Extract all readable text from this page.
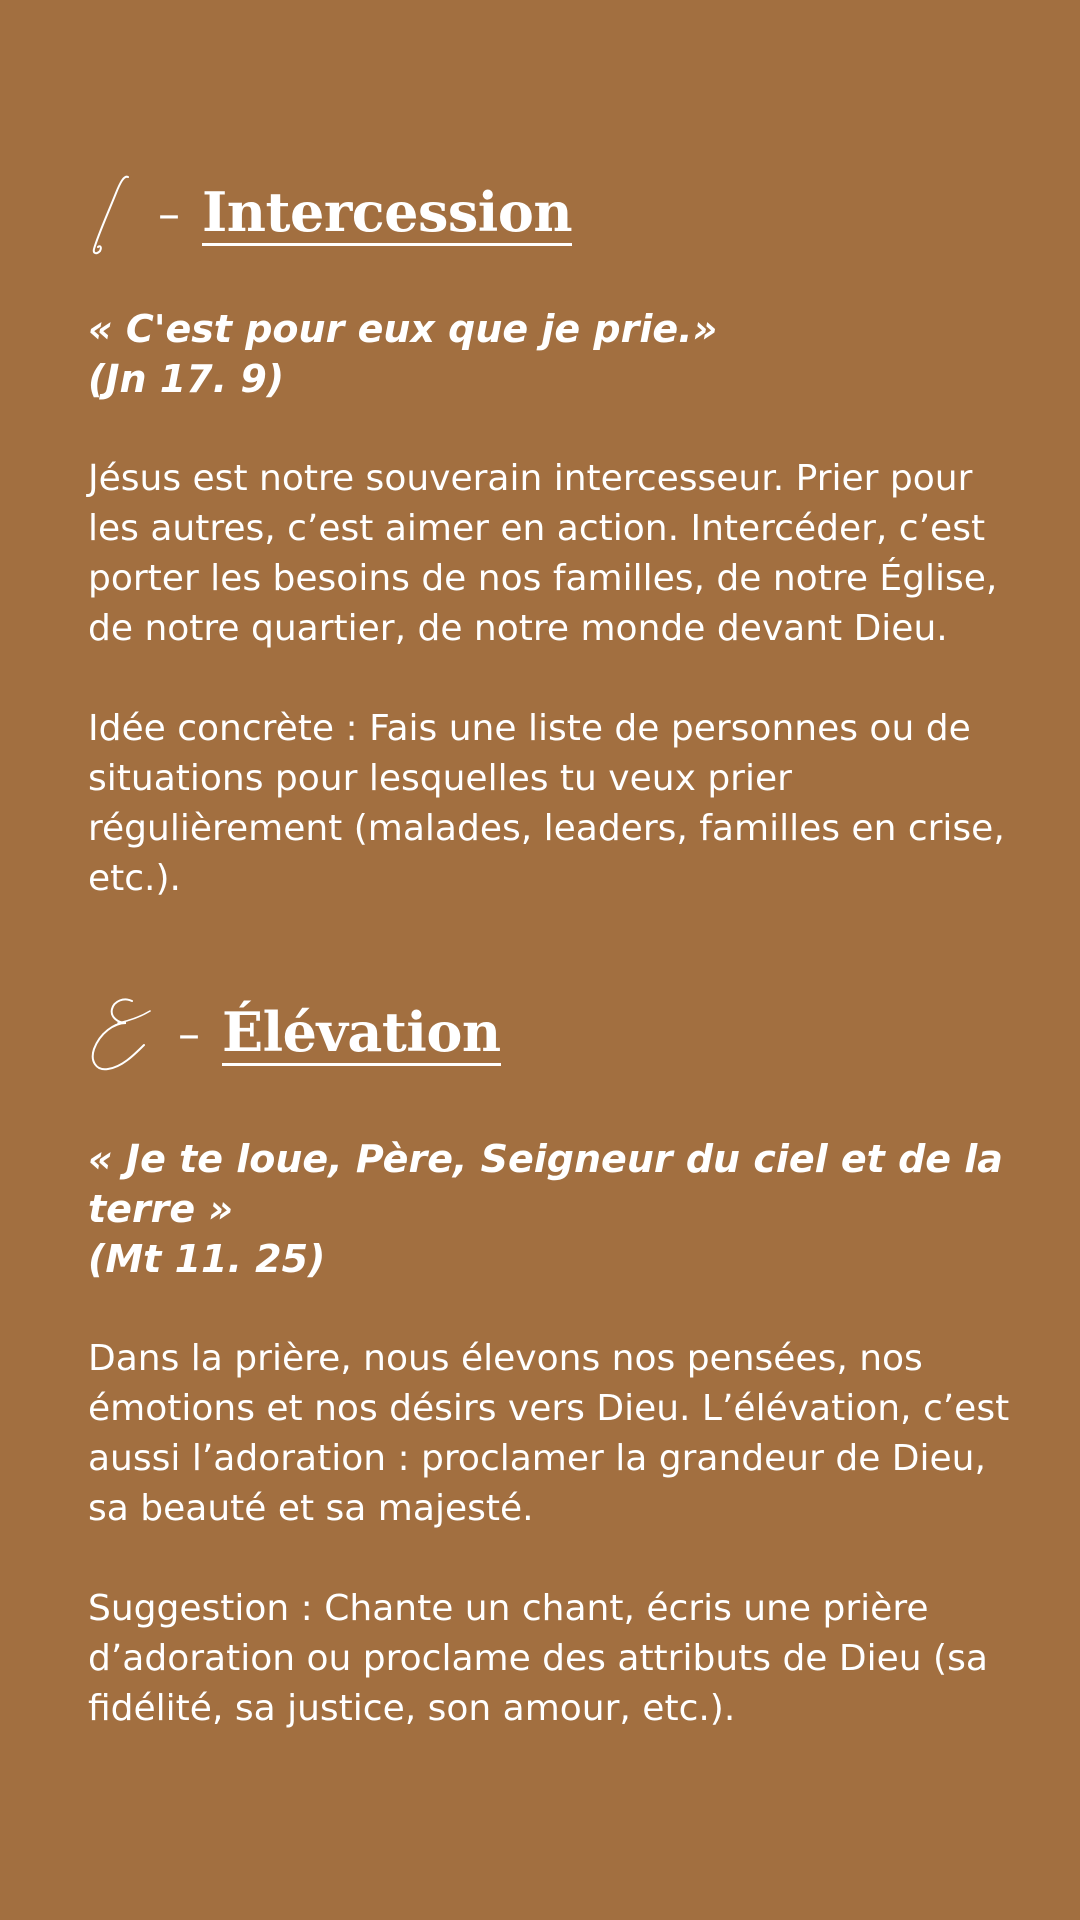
– Intercession

« C'est pour eux que je prie.»

(Jn 17. 9)

Jésus est notre souverain intercesseur. Prier pour les autres, c’est aimer en action. Intercéder, c’est porter les besoins de nos familles, de notre Église, de notre quartier, de notre monde devant Dieu.

Idée concrète : Fais une liste de personnes ou de situations pour lesquelles tu veux prier régulièrement (malades, leaders, familles en crise, etc.).

– Élévation

« Je te loue, Père, Seigneur du ciel et de la terre »

(Mt 11. 25)

Dans la prière, nous élevons nos pensées, nos émotions et nos désirs vers Dieu. L’élévation, c’est aussi l’adoration : proclamer la grandeur de Dieu, sa beauté et sa majesté.

Suggestion : Chante un chant, écris une prière d’adoration ou proclame des attributs de Dieu (sa fidélité, sa justice, son amour, etc.).
